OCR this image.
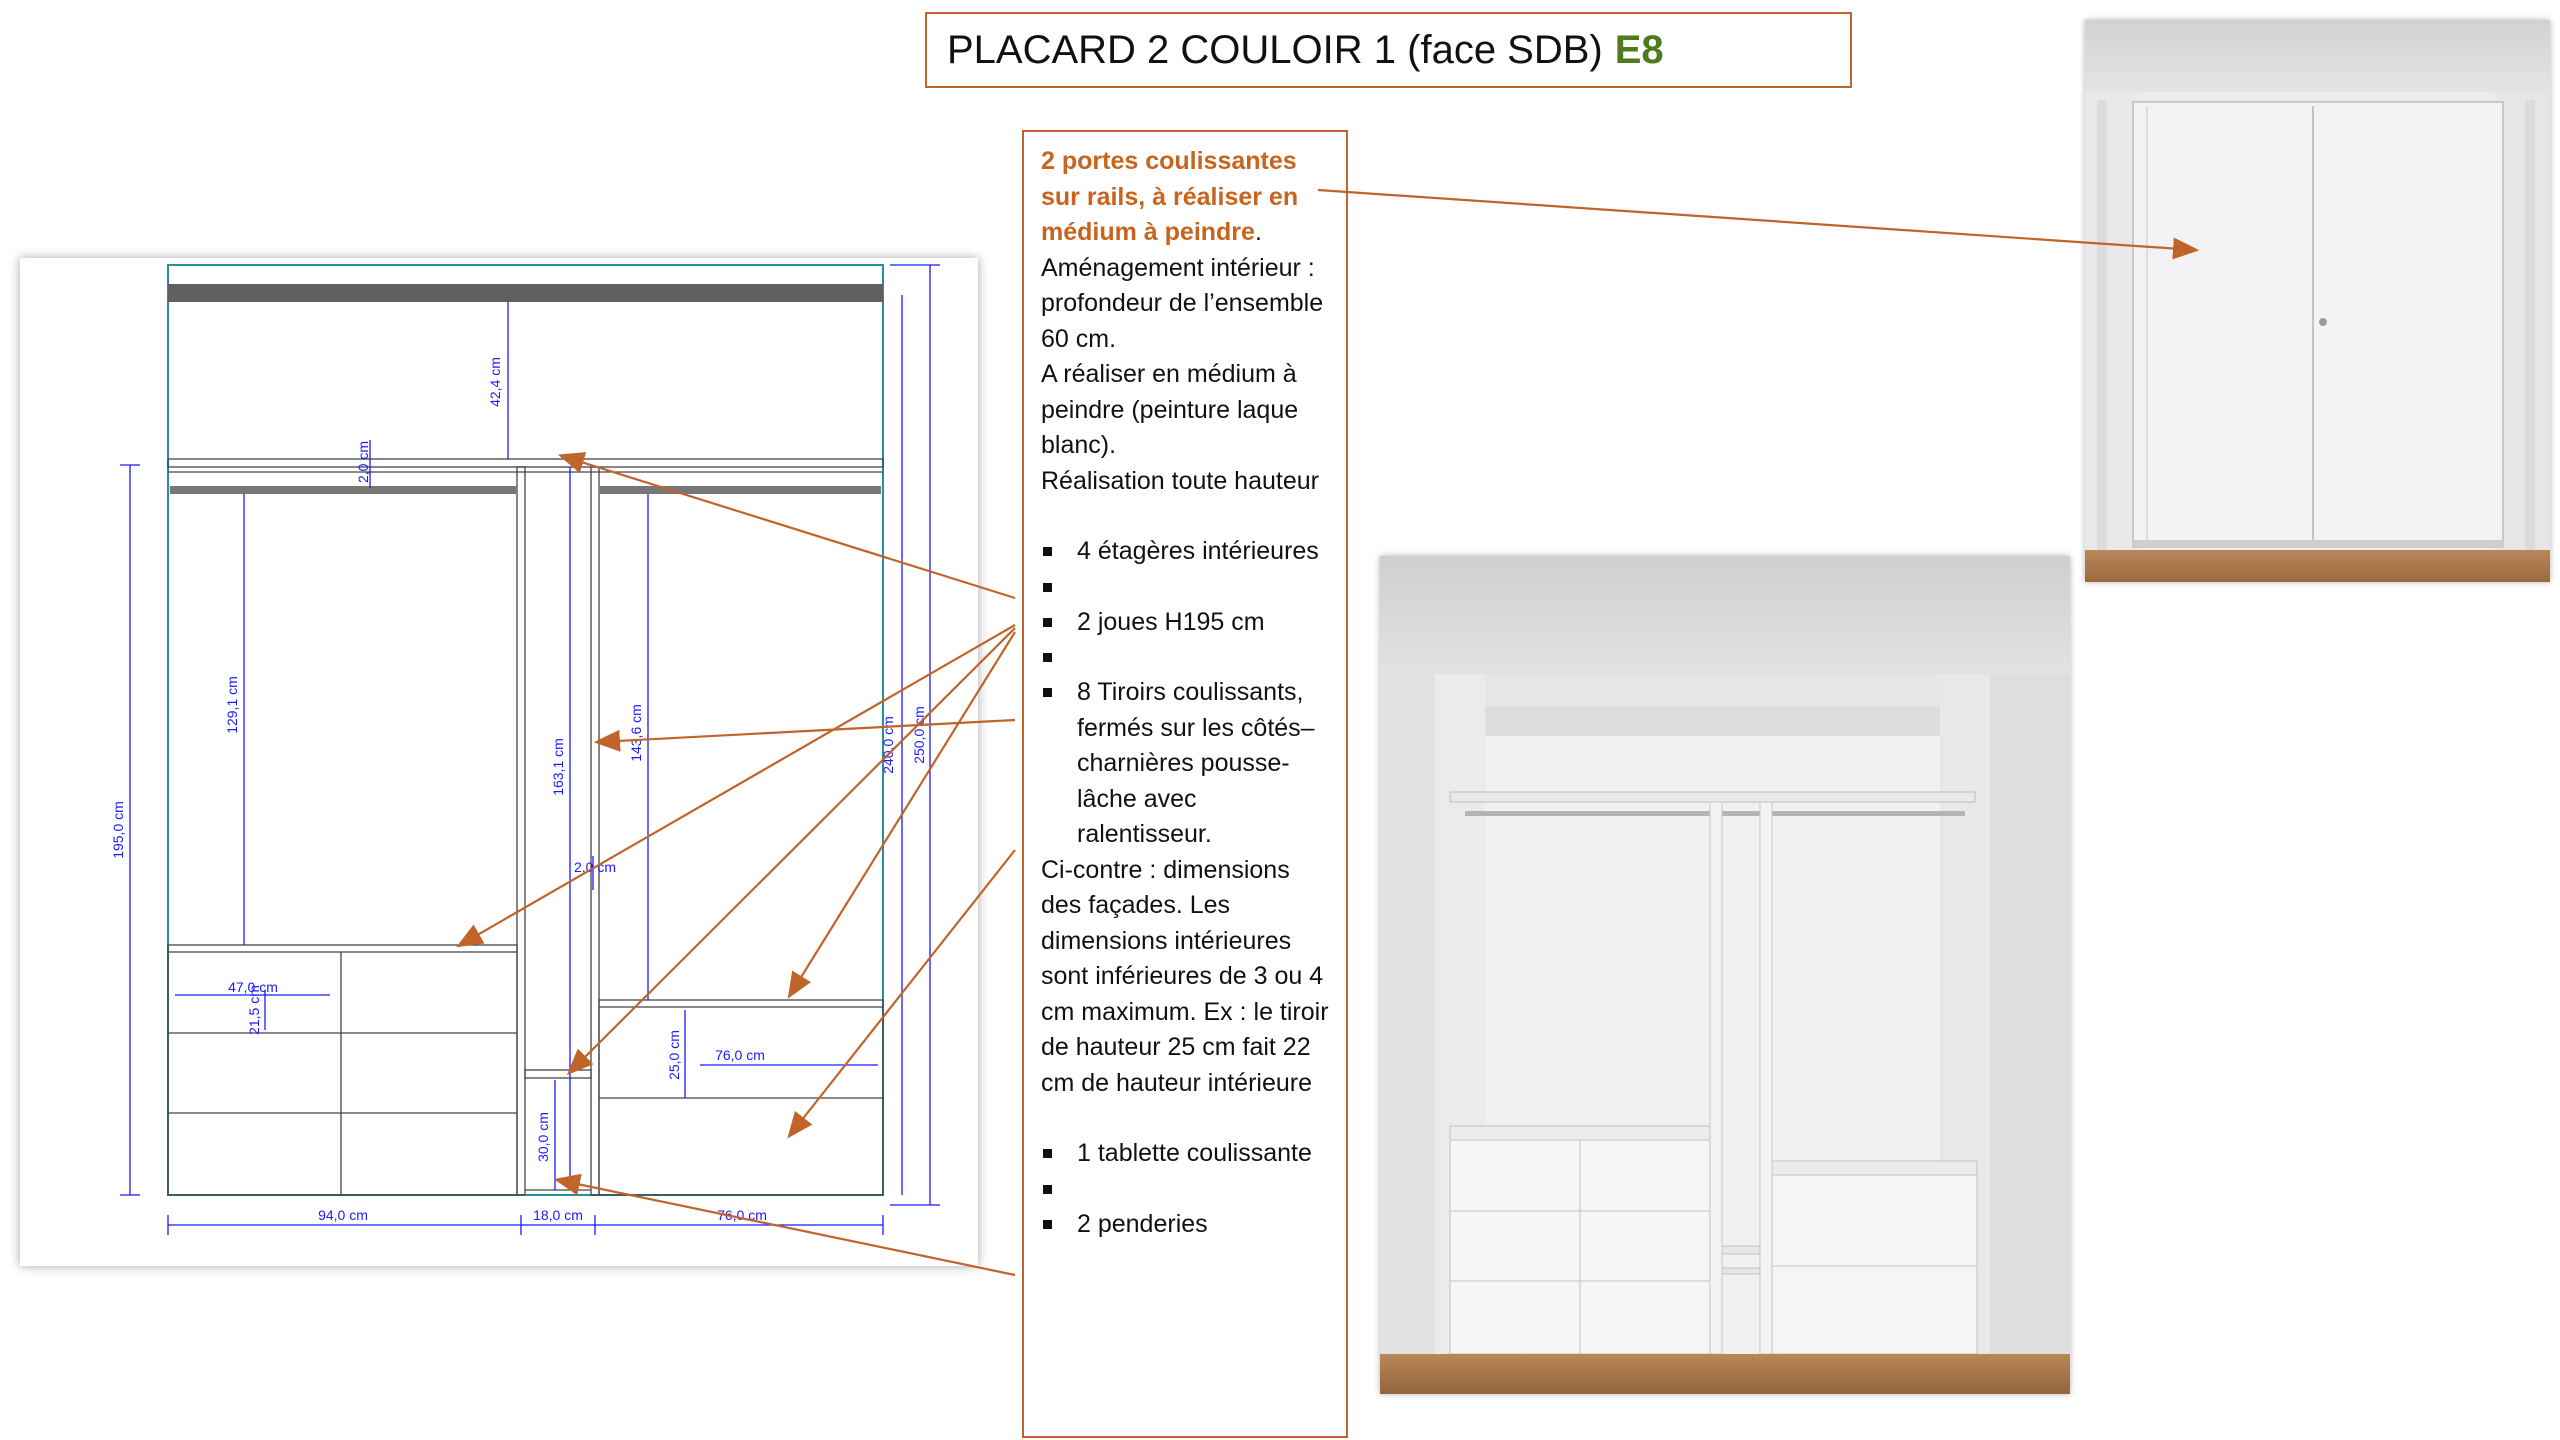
PLACARD 2 COULOIR 1 (face SDB) E8
42,4 cm
2,0 cm
129,1 cm
195,0 cm
163,1 cm
143,6 cm
2,0 cm
240,0 cm 250,0 cm
47,0 cm
21,5 cm
25,0 cm 76,0 cm
30,0 cm
94,0 cm	18,0 cm	76,0 cm

2 portes coulissantes sur rails, à réaliser en médium à peindre.

Aménagement intérieur : profondeur de l’ensemble 60 cm.

A réaliser en médium à peindre (peinture laque blanc).

Réalisation toute hauteur

4 étagères intérieures
2 joues H195 cm
8 Tiroirs coulissants, fermés sur les côtés– charnières pousse-lâche avec ralentisseur.

Ci-contre : dimensions des façades. Les dimensions intérieures sont inférieures de 3 ou 4 cm maximum. Ex : le tiroir de hauteur 25 cm fait 22 cm de hauteur intérieure

1 tablette coulissante
2 penderies
